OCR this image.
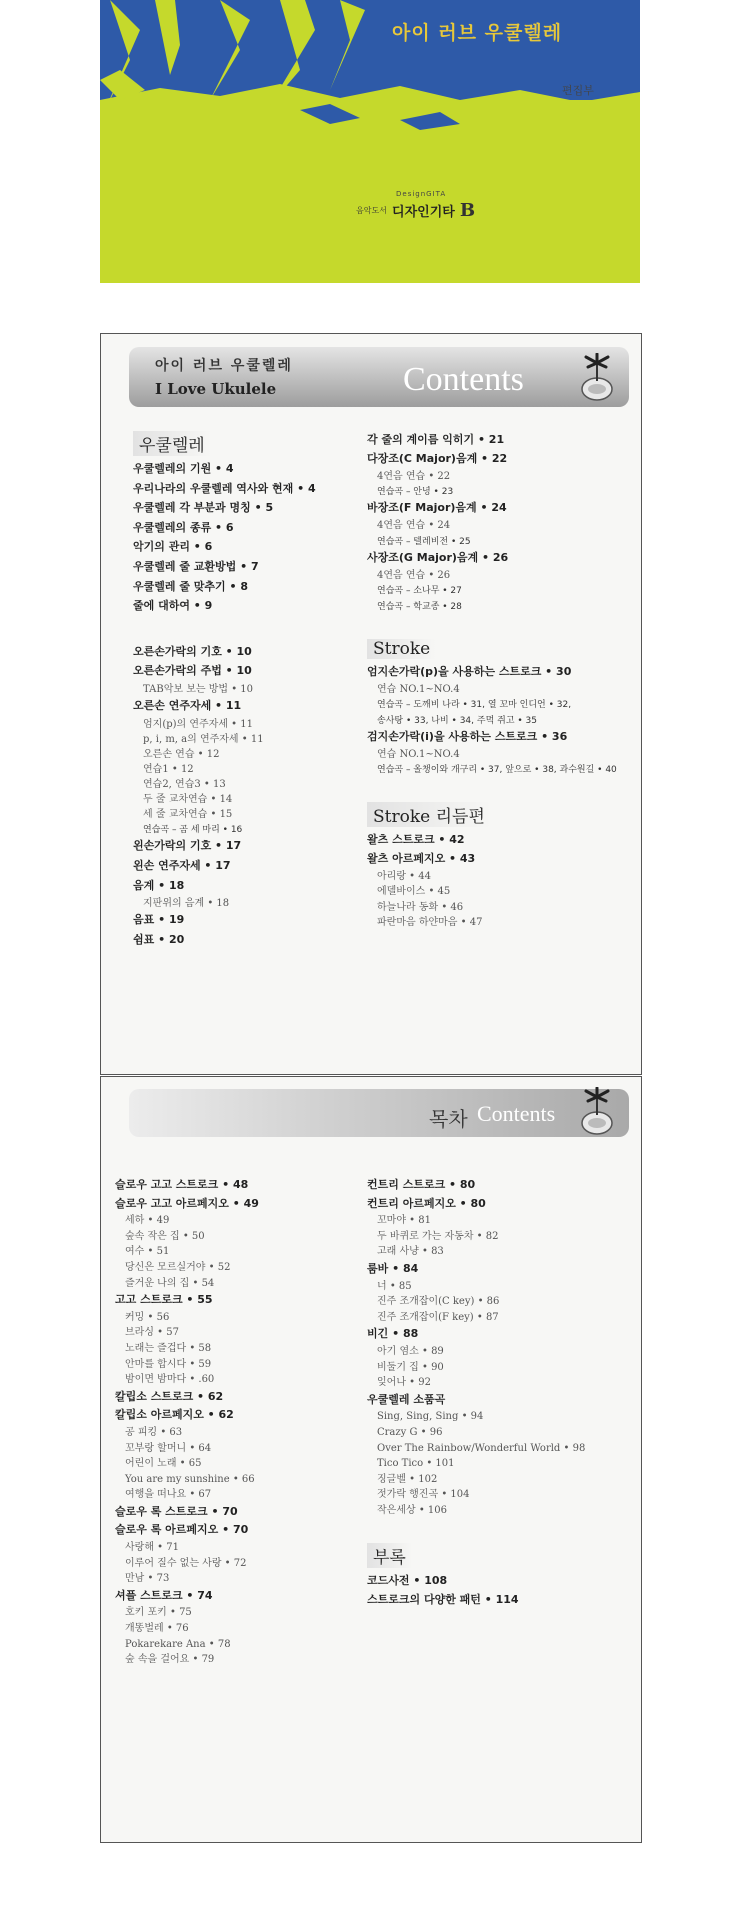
아이 러브 우쿨렐레
편집부
DesignGITA
음악도서 디자인기타 B
아이 러브 우쿨렐레
I Love Ukulele	Contents
우쿨렐레
우쿨렐레의 기원 • 4
우리나라의 우쿨렐레 역사와 현재 • 4
우쿨렐레 각 부분과 명칭 • 5
우쿨렐레의 종류 • 6
악기의 관리 • 6
우쿨렐레 줄 교환방법 • 7
우쿨렐레 줄 맞추기 • 8
줄에 대하여 • 9
오른손가락의 기호 • 10
오른손가락의 주법 • 10
TAB악보 보는 방법 • 10
오른손 연주자세 • 11
엄지(p)의 연주자세 • 11
p, i, m, a의 연주자세 • 11
오른손 연습 • 12
연습1 • 12
연습2, 연습3 • 13
두 줄 교차연습 • 14
세 줄 교차연습 • 15
연습곡 – 곰 세 마리 • 16
왼손가락의 기호 • 17
왼손 연주자세 • 17
음계 • 18
지판위의 음계 • 18
음표 • 19
쉼표 • 20
각 줄의 계이름 익히기 • 21
다장조(C Major)음계 • 22
4연음 연습 • 22
연습곡 – 안녕 • 23
바장조(F Major)음계 • 24
4연음 연습 • 24
연습곡 – 텔레비전 • 25
사장조(G Major)음계 • 26
4연음 연습 • 26
연습곡 – 소나무 • 27
연습곡 – 학교종 • 28
Stroke
엄지손가락(p)을 사용하는 스트로크 • 30
연습 NO.1~NO.4
연습곡 – 도깨비 나라 • 31, 열 꼬마 인디언 • 32,
송사탕 • 33, 나비 • 34, 주먹 쥐고 • 35
검지손가락(i)을 사용하는 스트로크 • 36
연습 NO.1~NO.4
연습곡 – 올챙이와 개구리 • 37, 앞으로 • 38, 과수원길 • 40
Stroke 리듬편
왈츠 스트로크 • 42
왈츠 아르페지오 • 43
아리랑 • 44
에델바이스 • 45
하늘나라 동화 • 46
파란마음 하얀마음 • 47
목차 Contents
슬로우 고고 스트로크 • 48
슬로우 고고 아르페지오 • 49
세하 • 49
숲속 작은 집 • 50
여수 • 51
당신은 모르실거야 • 52
즐거운 나의 집 • 54
고고 스트로크 • 55
커밍 • 56
브라싱 • 57
노래는 즐겁다 • 58
안마를 합시다 • 59
밤이면 밤마다 • .60
칼립소 스트로크 • 62
칼립소 아르페지오 • 62
공 피킹 • 63
꼬부랑 할머니 • 64
어린이 노래 • 65
You are my sunshine • 66
여행을 떠나요 • 67
슬로우 록 스트로크 • 70
슬로우 록 아르페지오 • 70
사랑해 • 71
이루어 질수 없는 사랑 • 72
만남 • 73
셔플 스트로크 • 74
호키 포키 • 75
개똥벌레 • 76
Pokarekare Ana • 78
숲 속을 걸어요 • 79
컨트리 스트로크 • 80
컨트리 아르페지오 • 80
꼬마야 • 81
두 바퀴로 가는 자동차 • 82
고래 사냥 • 83
룸바 • 84
너 • 85
진주 조개잡이(C key) • 86
진주 조개잡이(F key) • 87
비긴 • 88
아기 염소 • 89
비둘기 집 • 90
잊어나 • 92
우쿨렐레 소품곡
Sing, Sing, Sing • 94
Crazy G • 96
Over The Rainbow/Wonderful World • 98
Tico Tico • 101
징글벨 • 102
젓가락 행진곡 • 104
작은세상 • 106
부록
코드사전 • 108
스트로크의 다양한 패턴 • 114
